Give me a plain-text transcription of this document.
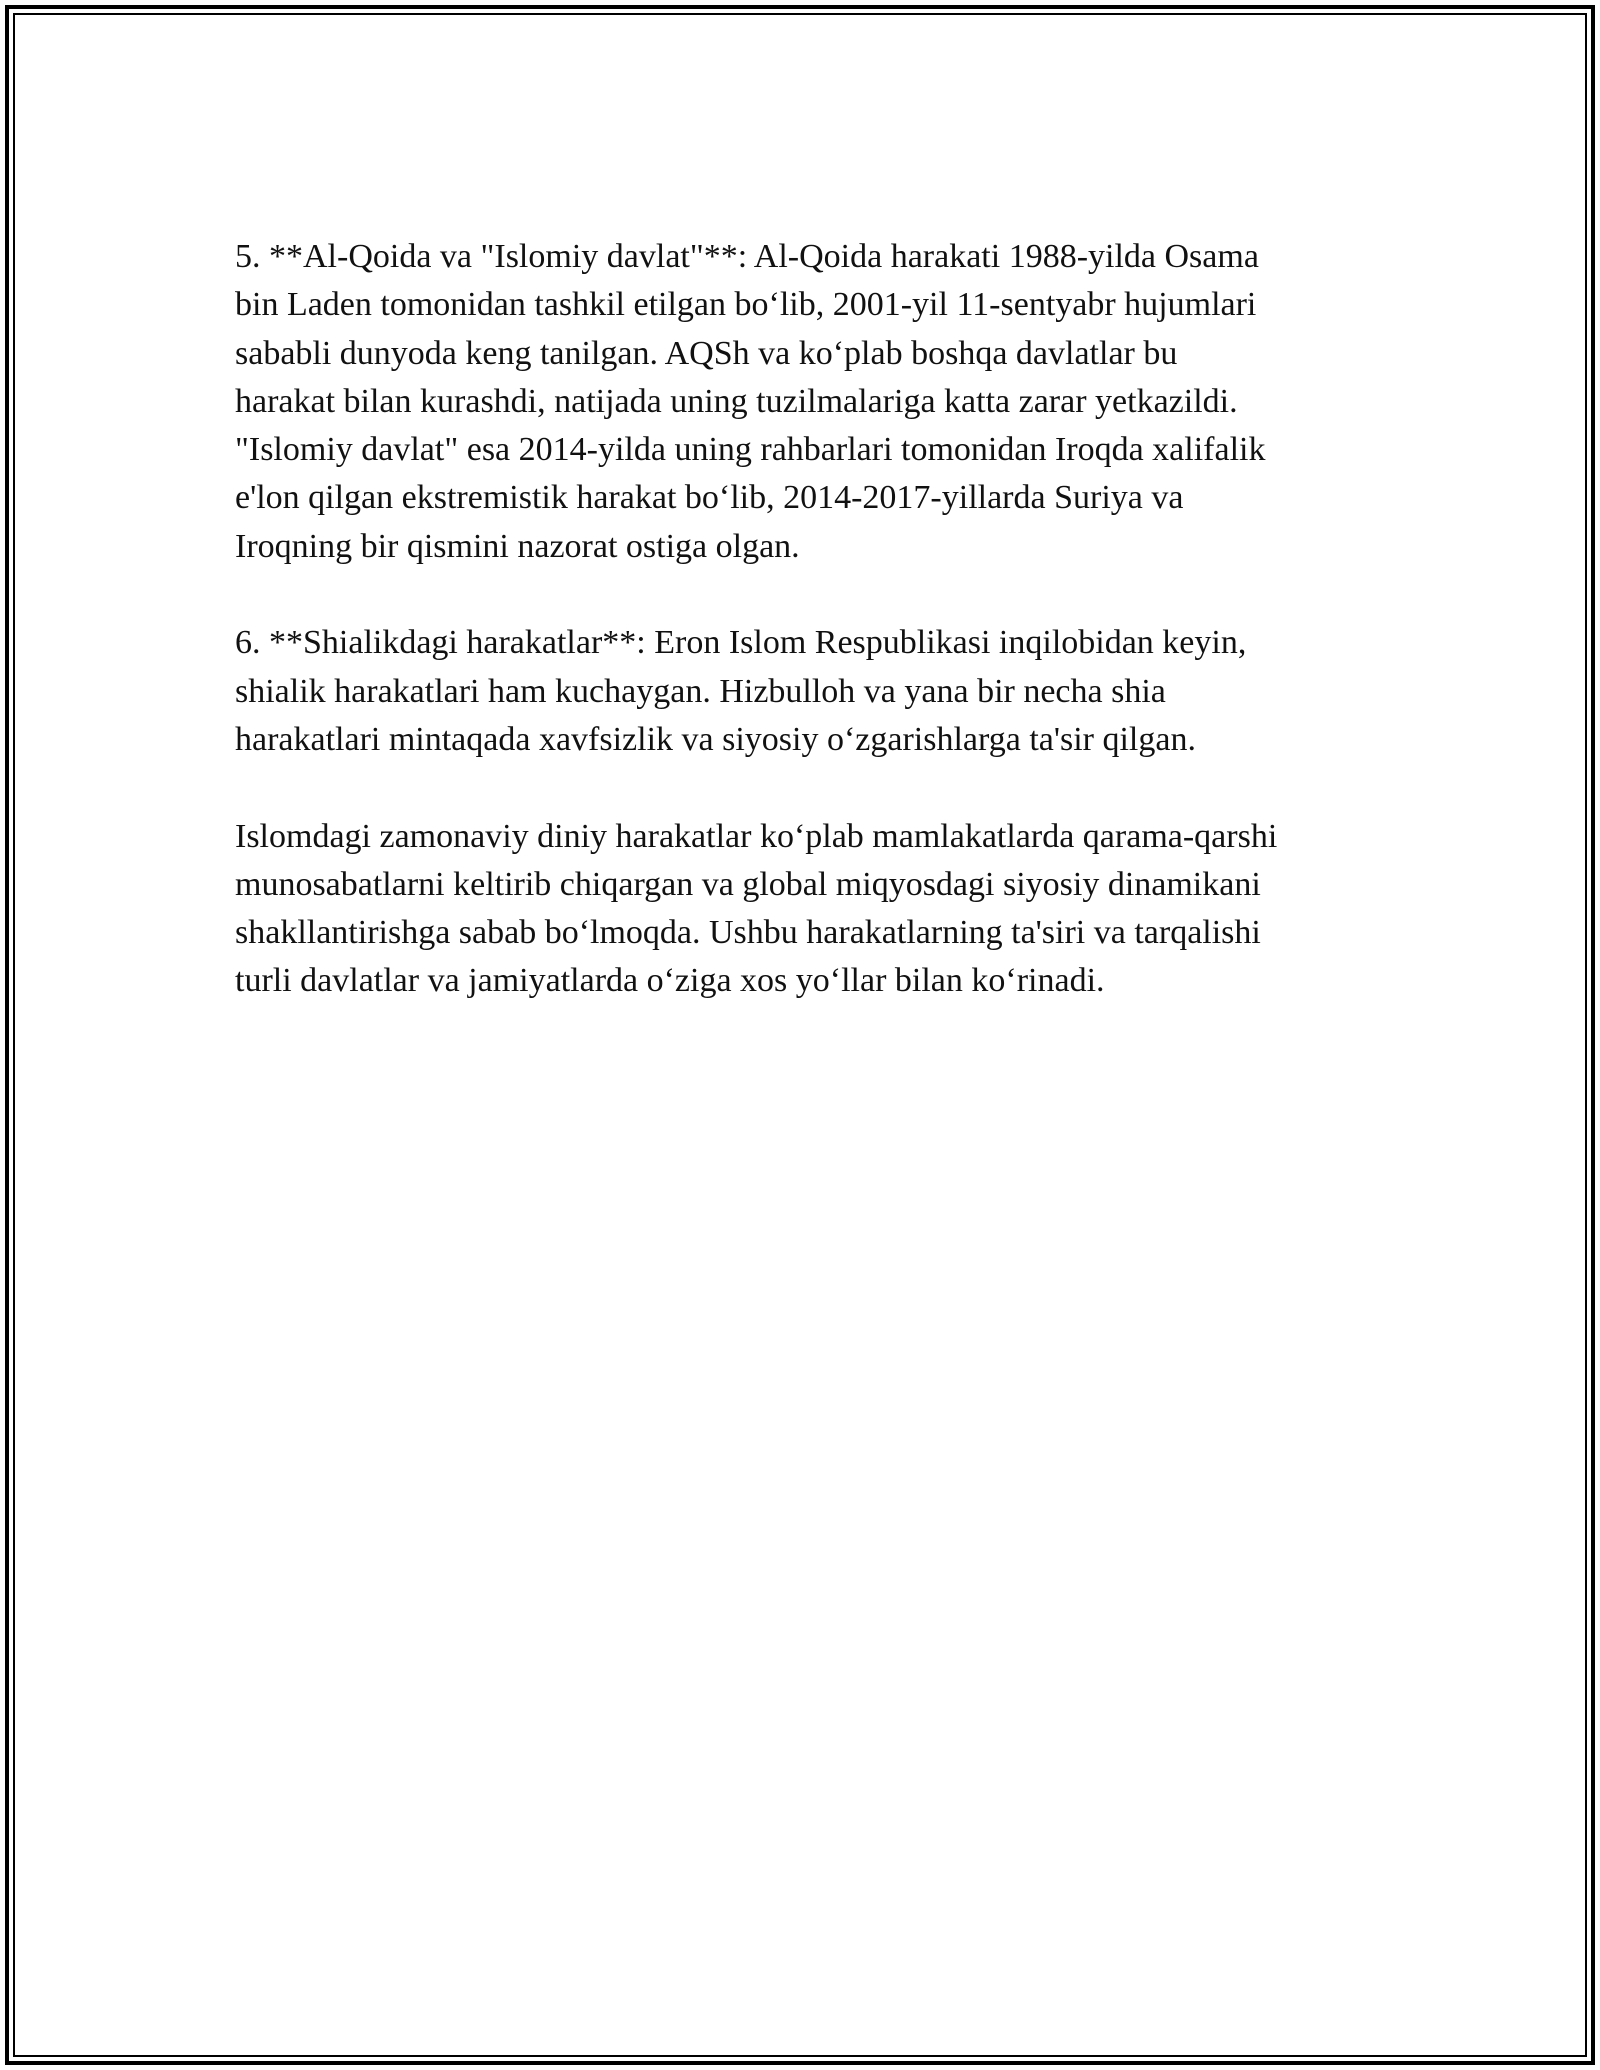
5. **Al-Qoida va "Islomiy davlat"**: Al-Qoida harakati 1988-yilda Osama
bin Laden tomonidan tashkil etilgan boʻlib, 2001-yil 11-sentyabr hujumlari
sababli dunyoda keng tanilgan. AQSh va koʻplab boshqa davlatlar bu
harakat bilan kurashdi, natijada uning tuzilmalariga katta zarar yetkazildi.
"Islomiy davlat" esa 2014-yilda uning rahbarlari tomonidan Iroqda xalifalik
e'lon qilgan ekstremistik harakat boʻlib, 2014-2017-yillarda Suriya va
Iroqning bir qismini nazorat ostiga olgan.

6. **Shialikdagi harakatlar**: Eron Islom Respublikasi inqilobidan keyin,
shialik harakatlari ham kuchaygan. Hizbulloh va yana bir necha shia
harakatlari mintaqada xavfsizlik va siyosiy oʻzgarishlarga ta'sir qilgan.

Islomdagi zamonaviy diniy harakatlar koʻplab mamlakatlarda qarama-qarshi
munosabatlarni keltirib chiqargan va global miqyosdagi siyosiy dinamikani
shakllantirishga sabab boʻlmoqda. Ushbu harakatlarning ta'siri va tarqalishi
turli davlatlar va jamiyatlarda oʻziga xos yoʻllar bilan koʻrinadi.
